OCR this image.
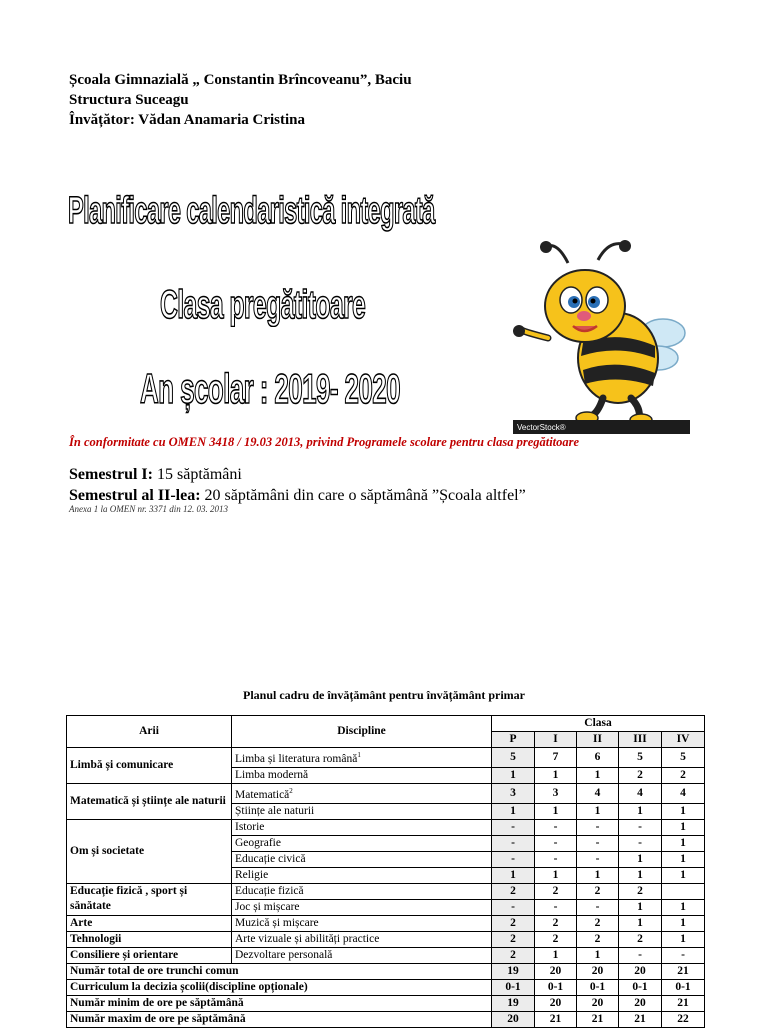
Școala Gimnazială „ Constantin Brîncoveanu”, Baciu
Structura Suceagu
Învățător: Vădan Anamaria Cristina
Planificare calendaristică integrată
Clasa pregătitoare
An școlar : 2019- 2020
VectorStock®
În conformitate cu OMEN 3418 / 19.03 2013, privind Programele scolare pentru clasa pregătitoare
Semestrul I: 15 săptămâni
Semestrul al II-lea: 20 săptămâni din care o săptămână ”Școala altfel”
Anexa 1 la OMEN nr. 3371 din 12. 03. 2013
Planul cadru de învățământ pentru învățământ primar
Arii	Discipline	Clasa				
		P	I	II	III	IV
Limbă și comunicare	Limba și literatura română$^1$	5	7	6	5	5
	Limba modernă	1	1	1	2	2
Matematică și științe ale naturii	Matematică$^2$	3	3	4	4	4
	Științe ale naturii	1	1	1	1	1
Om și societate	Istorie	-	-	-	-	1
	Geografie	-	-	-	-	1
	Educație civică	-	-	-	1	1
	Religie	1	1	1	1	1
Educație fizică , sport și sănătate	Educație fizică	2	2	2	2	
	Joc și mișcare	-	-	-	1	1
Arte	Muzică și mișcare	2	2	2	1	1
Tehnologii	Arte vizuale și abilități practice	2	2	2	2	1
Consiliere și orientare	Dezvoltare personală	2	1	1	-	-
Număr total de ore trunchi comun		19	20	20	20	21
Curriculum la decizia școlii(discipline opționale)		0-1	0-1	0-1	0-1	0-1
Număr minim de ore pe săptămână		19	20	20	20	21
Număr maxim de ore pe săptămână		20	21	21	21	22
